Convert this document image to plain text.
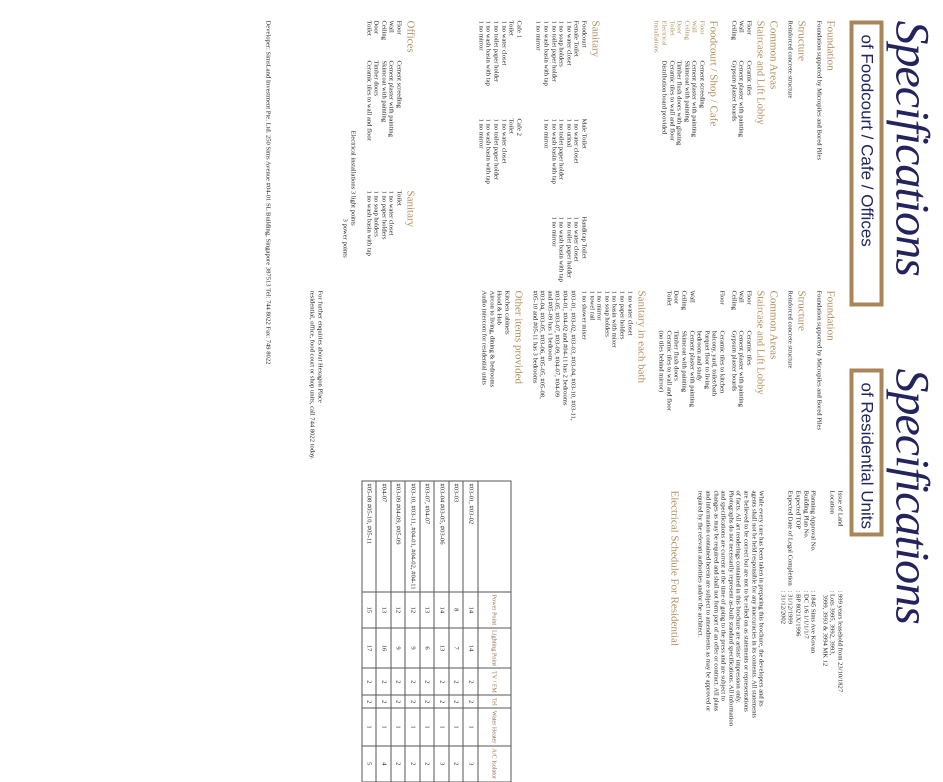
Specifications
of Foodcourt / Cafe / Offices
Specifications
of Residential Units
Foundation
Foundation supported by Micropiles and Bored Piles
Structure
Reinforced concrete structure
Common Areas
Staircase and Lift Lobby
Floor
Ceramic tiles
Wall
Cement plaster with painting
Ceiling
Gypsum plaster boards
Foodcourt / Shop / Cafe
Floor
Cement screeding
Wall
Cement plaster with painting
Ceiling
Skimcoat with painting
Door
Timber flush doors with glazing
Toilet
Ceramic tiles to wall and floor
Electrical Installations
Distribution board provided
Sanitary
Foodcourt
Female Toilet
1 no water closet
1 no soap holders
1 no toilet paper holder
1 no wash basin with tap
1 no mirror
Male Toilet
1 no water closet
1 no urinal
1 no toilet paper holder
1 no wash basin with tap
1 no mirror
Handicap Toilet
1 no water closet
1 no toilet paper holder
1 no wash basin with tap
1 no mirror
Cafe 1
Toilet
1 no water closet
1 no toilet paper holder
1 no wash basin with tap
1 no mirror
Cafe 2
Toilet
1 no water closet
1 no toilet paper holder
1 no wash basin with tap
1 no mirror
Offices
Floor
Cement screeding
Wall
Cement plaster with painting
Ceiling
Skimcoat with painting
Door
Timber doors
Toilet
Ceramic tiles to wall and floor
Sanitary
Toilet
1 no water closet
1 no paper holders
1 no soap holders
1 no wash basin with tap
Electrical installations 3 light points
3 power points
Foundation
Foundation supported by Micropiles and Bored Piles
Structure
Reinforced concrete structure
Common Areas
Staircase and Lift Lobby
Floor
Ceramic tiles
Wall
Cement plaster with painting
Ceiling
Gypsum plaster boards
Floor
Ceramic tiles to kitchen
balcony, yard, toilet/bath
Parquet floor to living
bedroom and study
Wall
Cement plaster with painting
Ceiling
Skimcoat with painting
Door
Timber flush doors
Toilet
Ceramic tiles to wall and floor
(no tiles behind mirror)
Sanitary in each bath
1 no water closet
1 no paper holders
1 no basin with mixer
1 no soap holders
1 no mirror
1 towel rail
1 no shower mixer
#03-01, #03-02, #03-03, #03-04, #03-10, #03-11,
#04-01, #04-02 and #04-11 has 2 bedrooms
#03-05, #03-07, #03-09, #04-07, #04-09
and #05-09 has 1 bedroom
#03-04, #03-05, #03-06, #05-05, #05-08,
#05-10 and #05-11 has 3 bedrooms
Other items provided
Kitchen cabinets
Hood & Hob
Aircon to living, dining & bedrooms
Audio intercom for residential units
Issue of Land
: 999 years leasehold from 23/10/1827
Location
: Lots 3995, 3992, 3993,
3999, 3993 & 3994 MK 12
Planning Approval No.
: 1845 Sims Ave Kovan
Building Plan No.
: DC 1/6 1/1/1/1/7
Expected TOP
: BP 8021X/1996
Expected Date of Legal Completion
: 31/12/1999
: 31/12/2002
While every care has been taken in preparing this brochure, the developers and its
agents shall not be held responsible for any inaccuracies in its contents. All statements
are believed to be correct but are not to be relied on as statements or representations
of facts. All art renderings contained in this brochure are artists' impression only.
Photographs do not necessarily represent as-built standard specifications. All information
and specifications are current at the time of going to the press and are subject to
changes as may be required and shall not form part of an offer or contract. All plans
and information contained herein are subject to amendments as may be approved or
required by the relevant authorities and/or the architect.
Electrical Schedule For Residential
	Power Point	Lighting Point	TV / FM	Tel	Water Heater	A/C Isolator
#03-01, #03-02	14	14	2	2	1	3
#03-03	8	7	2	2	1	2
#03-04 #03-05, #03-06	14	13	2	2	1	3
#03-07, #04-07	13	6	2	2	1	2
#03-10, #03-11, #04-01, #04-02, #04-11	12	9	2	2	1	2
#03-09 #04-09, #05-09	12	9	2	2	1	2
#04-07	13	16	2	2	1	4
#05-08 #05-10, #05-11	15	17	2	2	1	5
For further enquiries about Hexagon Place
residential, office, food court or shop units, call 744 8022 today.
Developer: SimsLand Investment Pte. Ltd. 250 Sims Avenue #04-01 SL Building, Singapore 387513 Tel: 744 8022 Fax: 749 8022
